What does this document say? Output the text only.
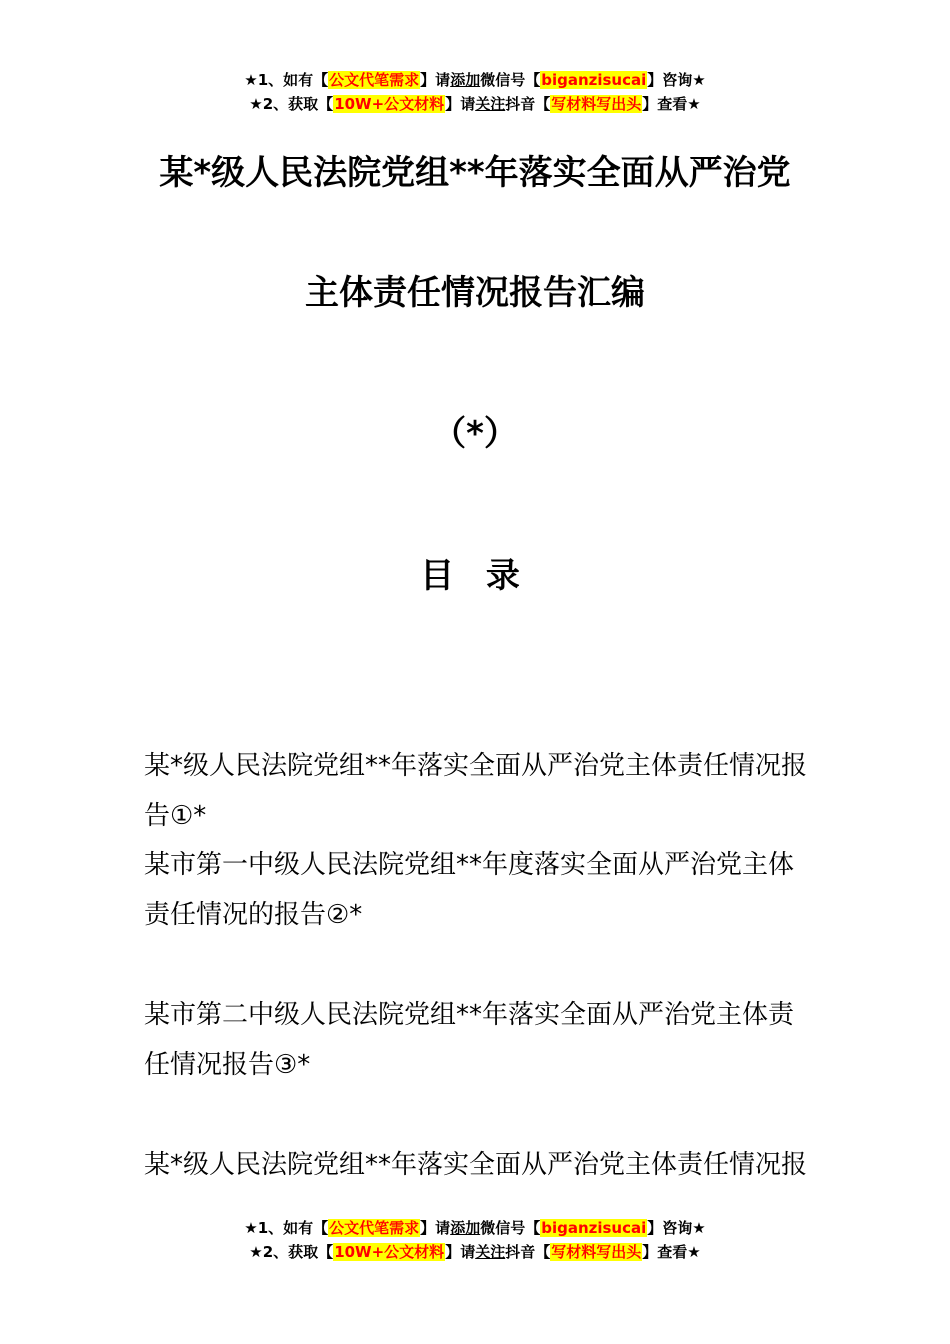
★1、如有【公文代笔需求】请添加微信号【biganzisucai】咨询★
★2、获取【10W+公文材料】请关注抖音【写材料写出头】查看★
某*级人民法院党组**年落实全面从严治党
主体责任情况报告汇编
（*）
目 录
某*级人民法院党组**年落实全面从严治党主体责任情况报告①*
某市第一中级人民法院党组**年度落实全面从严治党主体责任情况的报告②*
某市第二中级人民法院党组**年落实全面从严治党主体责任情况报告③*
某*级人民法院党组**年落实全面从严治党主体责任情况报
★1、如有【公文代笔需求】请添加微信号【biganzisucai】咨询★
★2、获取【10W+公文材料】请关注抖音【写材料写出头】查看★
